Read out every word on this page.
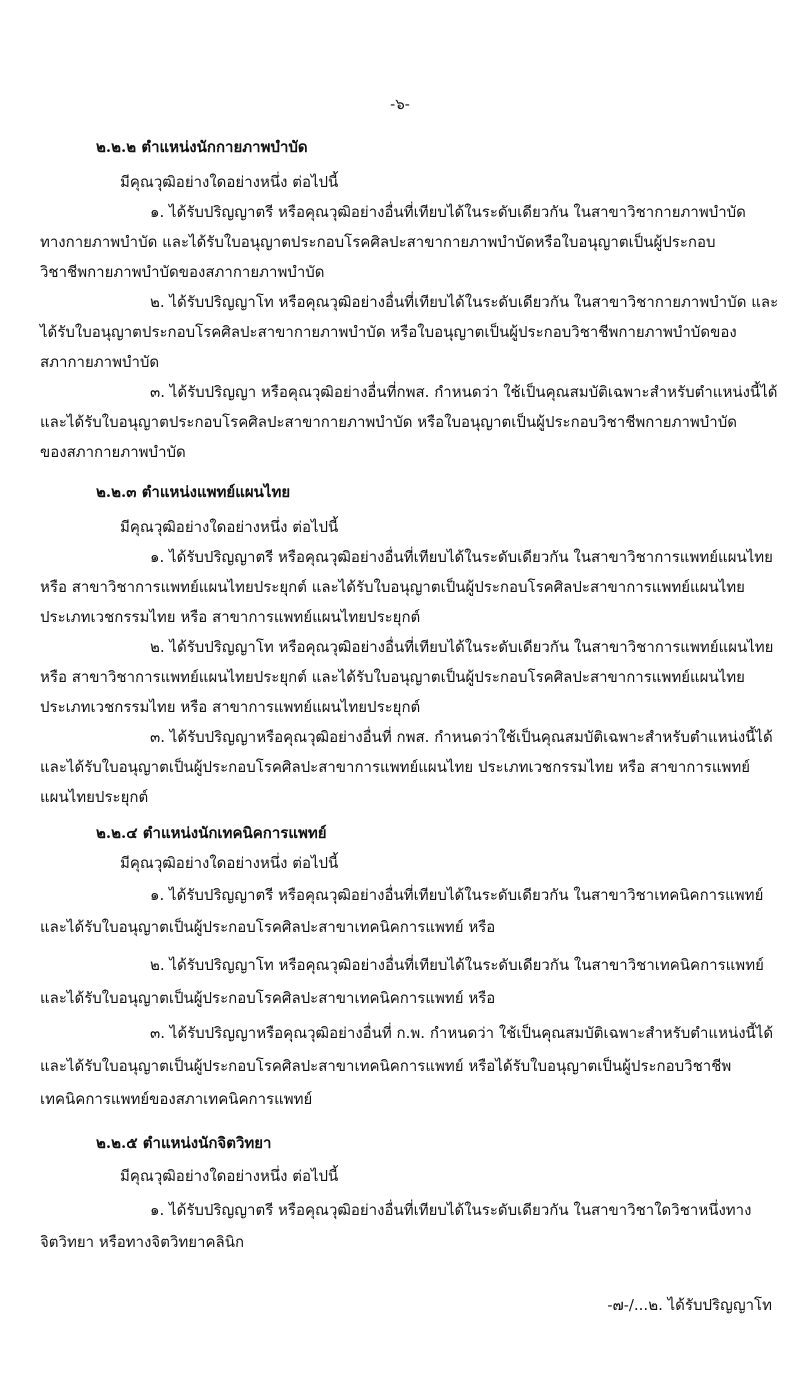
-๖-
๒.๒.๒ ตำแหน่งนักกายภาพบำบัด
มีคุณวุฒิอย่างใดอย่างหนึ่ง ต่อไปนี้
๑. ได้รับปริญญาตรี หรือคุณวุฒิอย่างอื่นที่เทียบได้ในระดับเดียวกัน ในสาขาวิชากายภาพบำบัด
ทางกายภาพบำบัด และได้รับใบอนุญาตประกอบโรคศิลปะสาขากายภาพบำบัดหรือใบอนุญาตเป็นผู้ประกอบ
วิชาชีพกายภาพบำบัดของสภากายภาพบำบัด
๒. ได้รับปริญญาโท หรือคุณวุฒิอย่างอื่นที่เทียบได้ในระดับเดียวกัน ในสาขาวิชากายภาพบำบัด และ
ได้รับใบอนุญาตประกอบโรคศิลปะสาขากายภาพบำบัด หรือใบอนุญาตเป็นผู้ประกอบวิชาชีพกายภาพบำบัดของ
สภากายภาพบำบัด
๓. ได้รับปริญญา หรือคุณวุฒิอย่างอื่นที่กพส. กำหนดว่า ใช้เป็นคุณสมบัติเฉพาะสำหรับตำแหน่งนี้ได้
และได้รับใบอนุญาตประกอบโรคศิลปะสาขากายภาพบำบัด หรือใบอนุญาตเป็นผู้ประกอบวิชาชีพกายภาพบำบัด
ของสภากายภาพบำบัด
๒.๒.๓ ตำแหน่งแพทย์แผนไทย
มีคุณวุฒิอย่างใดอย่างหนึ่ง ต่อไปนี้
๑. ได้รับปริญญาตรี หรือคุณวุฒิอย่างอื่นที่เทียบได้ในระดับเดียวกัน ในสาขาวิชาการแพทย์แผนไทย
หรือ สาขาวิชาการแพทย์แผนไทยประยุกต์ และได้รับใบอนุญาตเป็นผู้ประกอบโรคศิลปะสาขาการแพทย์แผนไทย
ประเภทเวชกรรมไทย หรือ สาขาการแพทย์แผนไทยประยุกต์
๒. ได้รับปริญญาโท หรือคุณวุฒิอย่างอื่นที่เทียบได้ในระดับเดียวกัน ในสาขาวิชาการแพทย์แผนไทย
หรือ สาขาวิชาการแพทย์แผนไทยประยุกต์ และได้รับใบอนุญาตเป็นผู้ประกอบโรคศิลปะสาขาการแพทย์แผนไทย
ประเภทเวชกรรมไทย หรือ สาขาการแพทย์แผนไทยประยุกต์
๓. ได้รับปริญญาหรือคุณวุฒิอย่างอื่นที่ กพส. กำหนดว่าใช้เป็นคุณสมบัติเฉพาะสำหรับตำแหน่งนี้ได้
และได้รับใบอนุญาตเป็นผู้ประกอบโรคศิลปะสาขาการแพทย์แผนไทย ประเภทเวชกรรมไทย หรือ สาขาการแพทย์
แผนไทยประยุกต์
๒.๒.๔ ตำแหน่งนักเทคนิคการแพทย์
มีคุณวุฒิอย่างใดอย่างหนึ่ง ต่อไปนี้
๑. ได้รับปริญญาตรี หรือคุณวุฒิอย่างอื่นที่เทียบได้ในระดับเดียวกัน ในสาขาวิชาเทคนิคการแพทย์
และได้รับใบอนุญาตเป็นผู้ประกอบโรคศิลปะสาขาเทคนิคการแพทย์ หรือ
๒. ได้รับปริญญาโท หรือคุณวุฒิอย่างอื่นที่เทียบได้ในระดับเดียวกัน ในสาขาวิชาเทคนิคการแพทย์
และได้รับใบอนุญาตเป็นผู้ประกอบโรคศิลปะสาขาเทคนิคการแพทย์ หรือ
๓. ได้รับปริญญาหรือคุณวุฒิอย่างอื่นที่ ก.พ. กำหนดว่า ใช้เป็นคุณสมบัติเฉพาะสำหรับตำแหน่งนี้ได้
และได้รับใบอนุญาตเป็นผู้ประกอบโรคศิลปะสาขาเทคนิคการแพทย์ หรือได้รับใบอนุญาตเป็นผู้ประกอบวิชาชีพ
เทคนิคการแพทย์ของสภาเทคนิคการแพทย์
๒.๒.๕ ตำแหน่งนักจิตวิทยา
มีคุณวุฒิอย่างใดอย่างหนึ่ง ต่อไปนี้
๑. ได้รับปริญญาตรี หรือคุณวุฒิอย่างอื่นที่เทียบได้ในระดับเดียวกัน ในสาขาวิชาใดวิชาหนึ่งทาง
จิตวิทยา หรือทางจิตวิทยาคลินิก
-๗-/...๒. ได้รับปริญญาโท
